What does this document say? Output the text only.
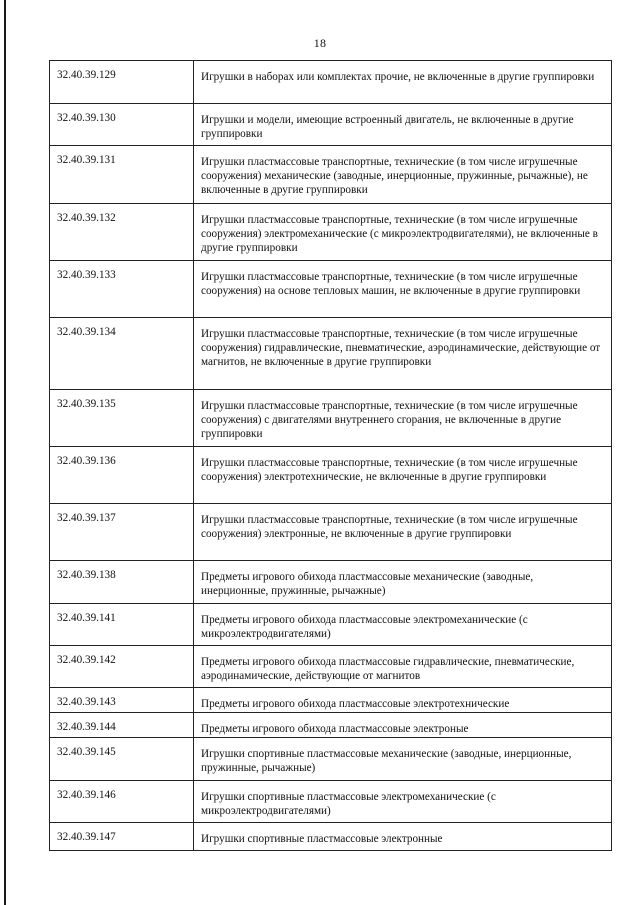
18
32.40.39.129	Игрушки в наборах или комплектах прочие, не включенные в другие группировки
32.40.39.130	Игрушки и модели, имеющие встроенный двигатель, не включенные в другие группировки
32.40.39.131	Игрушки пластмассовые транспортные, технические (в том числе игрушечные сооружения) механические (заводные, инерционные, пружинные, рычажные), не включенные в другие группировки
32.40.39.132	Игрушки пластмассовые транспортные, технические (в том числе игрушечные сооружения) электромеханические (с микроэлектродвигателями), не включенные в другие группировки
32.40.39.133	Игрушки пластмассовые транспортные, технические (в том числе игрушечные сооружения) на основе тепловых машин, не включенные в другие группировки
32.40.39.134	Игрушки пластмассовые транспортные, технические (в том числе игрушечные сооружения) гидравлические, пневматические, аэродинамические, действующие от магнитов, не включенные в другие группировки
32.40.39.135	Игрушки пластмассовые транспортные, технические (в том числе игрушечные сооружения) с двигателями внутреннего сгорания, не включенные в другие группировки
32.40.39.136	Игрушки пластмассовые транспортные, технические (в том числе игрушечные сооружения) электротехнические, не включенные в другие группировки
32.40.39.137	Игрушки пластмассовые транспортные, технические (в том числе игрушечные сооружения) электронные, не включенные в другие группировки
32.40.39.138	Предметы игрового обихода пластмассовые механические (заводные, инерционные, пружинные, рычажные)
32.40.39.141	Предметы игрового обихода пластмассовые электромеханические (с микроэлектродвигателями)
32.40.39.142	Предметы игрового обихода пластмассовые гидравлические, пневматические, аэродинамические, действующие от магнитов
32.40.39.143	Предметы игрового обихода пластмассовые электротехнические
32.40.39.144	Предметы игрового обихода пластмассовые электроные
32.40.39.145	Игрушки спортивные пластмассовые механические (заводные, инерционные, пружинные, рычажные)
32.40.39.146	Игрушки спортивные пластмассовые электромеханические (с микроэлектродвигателями)
32.40.39.147	Игрушки спортивные пластмассовые электронные
